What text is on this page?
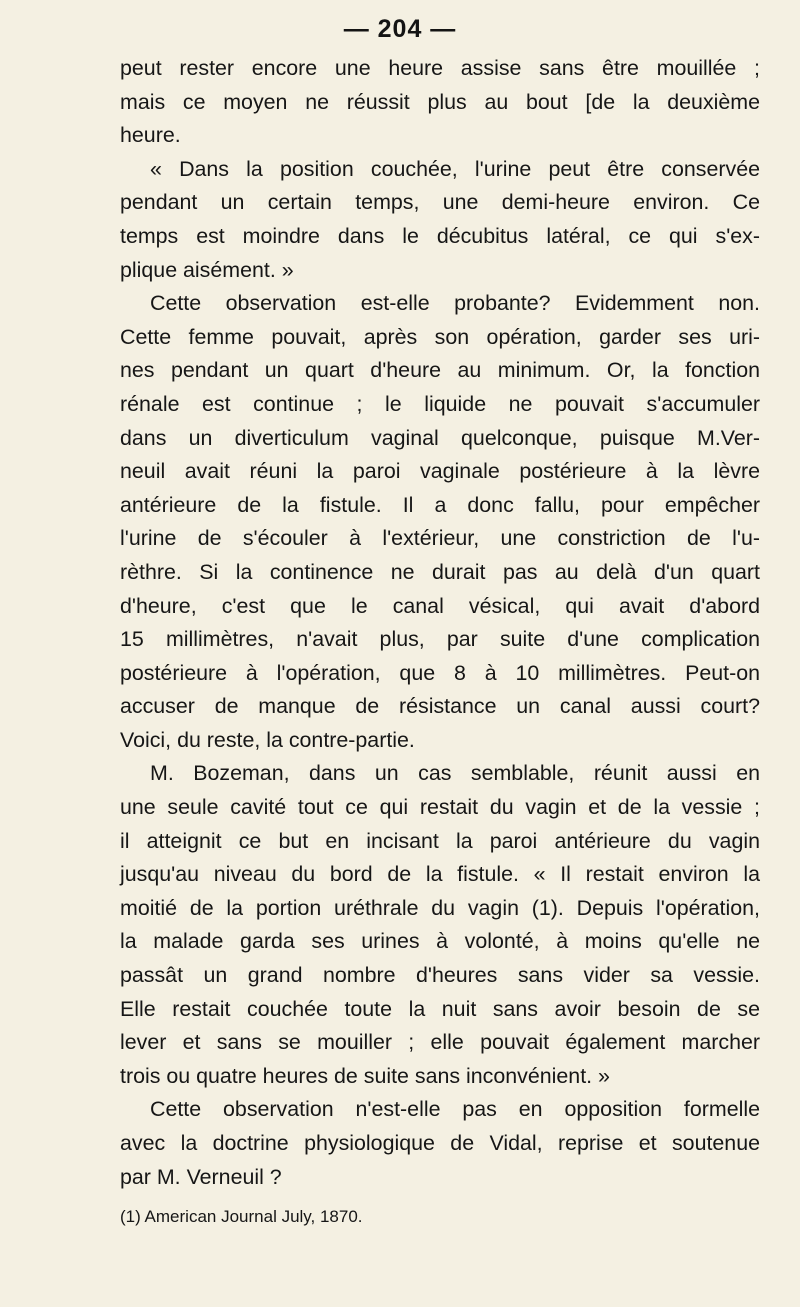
— 204 —
peut rester encore une heure assise sans être mouillée ;
mais ce moyen ne réussit plus au bout [de la deuxième
heure.
« Dans la position couchée, l'urine peut être conservée
pendant un certain temps, une demi-heure environ. Ce
temps est moindre dans le décubitus latéral, ce qui s'ex-
plique aisément. »
Cette observation est-elle probante? Evidemment non.
Cette femme pouvait, après son opération, garder ses uri-
nes pendant un quart d'heure au minimum. Or, la fonction
rénale est continue ; le liquide ne pouvait s'accumuler
dans un diverticulum vaginal quelconque, puisque M.Ver-
neuil avait réuni la paroi vaginale postérieure à la lèvre
antérieure de la fistule. Il a donc fallu, pour empêcher
l'urine de s'écouler à l'extérieur, une constriction de l'u-
rèthre. Si la continence ne durait pas au delà d'un quart
d'heure, c'est que le canal vésical, qui avait d'abord
15 millimètres, n'avait plus, par suite d'une complication
postérieure à l'opération, que 8 à 10 millimètres. Peut-on
accuser de manque de résistance un canal aussi court?
Voici, du reste, la contre-partie.
M. Bozeman, dans un cas semblable, réunit aussi en
une seule cavité tout ce qui restait du vagin et de la vessie ;
il atteignit ce but en incisant la paroi antérieure du vagin
jusqu'au niveau du bord de la fistule. « Il restait environ la
moitié de la portion uréthrale du vagin (1). Depuis l'opération,
la malade garda ses urines à volonté, à moins qu'elle ne
passât un grand nombre d'heures sans vider sa vessie.
Elle restait couchée toute la nuit sans avoir besoin de se
lever et sans se mouiller ; elle pouvait également marcher
trois ou quatre heures de suite sans inconvénient. »
Cette observation n'est-elle pas en opposition formelle
avec la doctrine physiologique de Vidal, reprise et soutenue
par M. Verneuil ?
(1) American Journal July, 1870.
